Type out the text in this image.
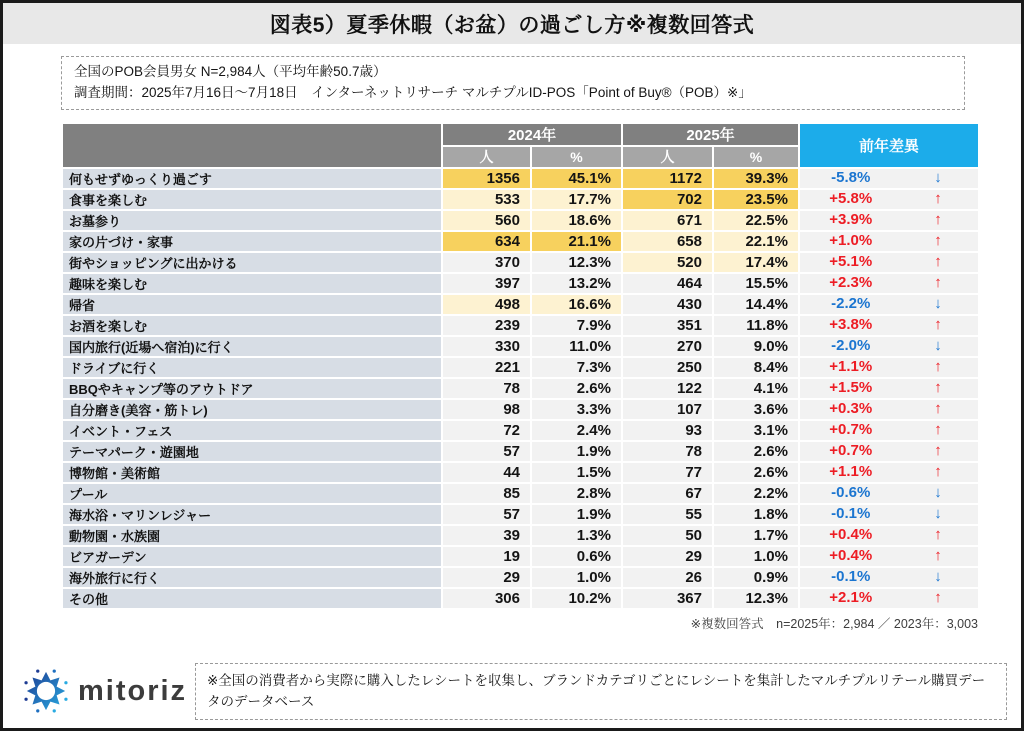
図表5）夏季休暇（お盆）の過ごし方※複数回答式
全国のPOB会員男女 N=2,984人（平均年齢50.7歳）
調査期間：2025年7月16日〜7月18日　インターネットリサーチ マルチプルID-POS「Point of Buy®（POB）※」
	2024年		2025年		前年差異
	人	%	人	%	
何もせずゆっくり過ごす	1356	45.1%	1172	39.3%	-5.8% ↓
食事を楽しむ	533	17.7%	702	23.5%	+5.8% ↑
お墓参り	560	18.6%	671	22.5%	+3.9% ↑
家の片づけ・家事	634	21.1%	658	22.1%	+1.0% ↑
街やショッピングに出かける	370	12.3%	520	17.4%	+5.1% ↑
趣味を楽しむ	397	13.2%	464	15.5%	+2.3% ↑
帰省	498	16.6%	430	14.4%	-2.2% ↓
お酒を楽しむ	239	7.9%	351	11.8%	+3.8% ↑
国内旅行(近場へ宿泊)に行く	330	11.0%	270	9.0%	-2.0% ↓
ドライブに行く	221	7.3%	250	8.4%	+1.1% ↑
BBQやキャンプ等のアウトドア	78	2.6%	122	4.1%	+1.5% ↑
自分磨き(美容・筋トレ)	98	3.3%	107	3.6%	+0.3% ↑
イベント・フェス	72	2.4%	93	3.1%	+0.7% ↑
テーマパーク・遊園地	57	1.9%	78	2.6%	+0.7% ↑
博物館・美術館	44	1.5%	77	2.6%	+1.1% ↑
プール	85	2.8%	67	2.2%	-0.6% ↓
海水浴・マリンレジャー	57	1.9%	55	1.8%	-0.1% ↓
動物園・水族園	39	1.3%	50	1.7%	+0.4% ↑
ビアガーデン	19	0.6%	29	1.0%	+0.4% ↑
海外旅行に行く	29	1.0%	26	0.9%	-0.1% ↓
その他	306	10.2%	367	12.3%	+2.1% ↑
※複数回答式　n=2025年：2,984 ／ 2023年：3,003
mitoriz	※全国の消費者から実際に購入したレシートを収集し、ブランドカテゴリごとにレシートを集計したマルチプルリテール購買データのデータベース
